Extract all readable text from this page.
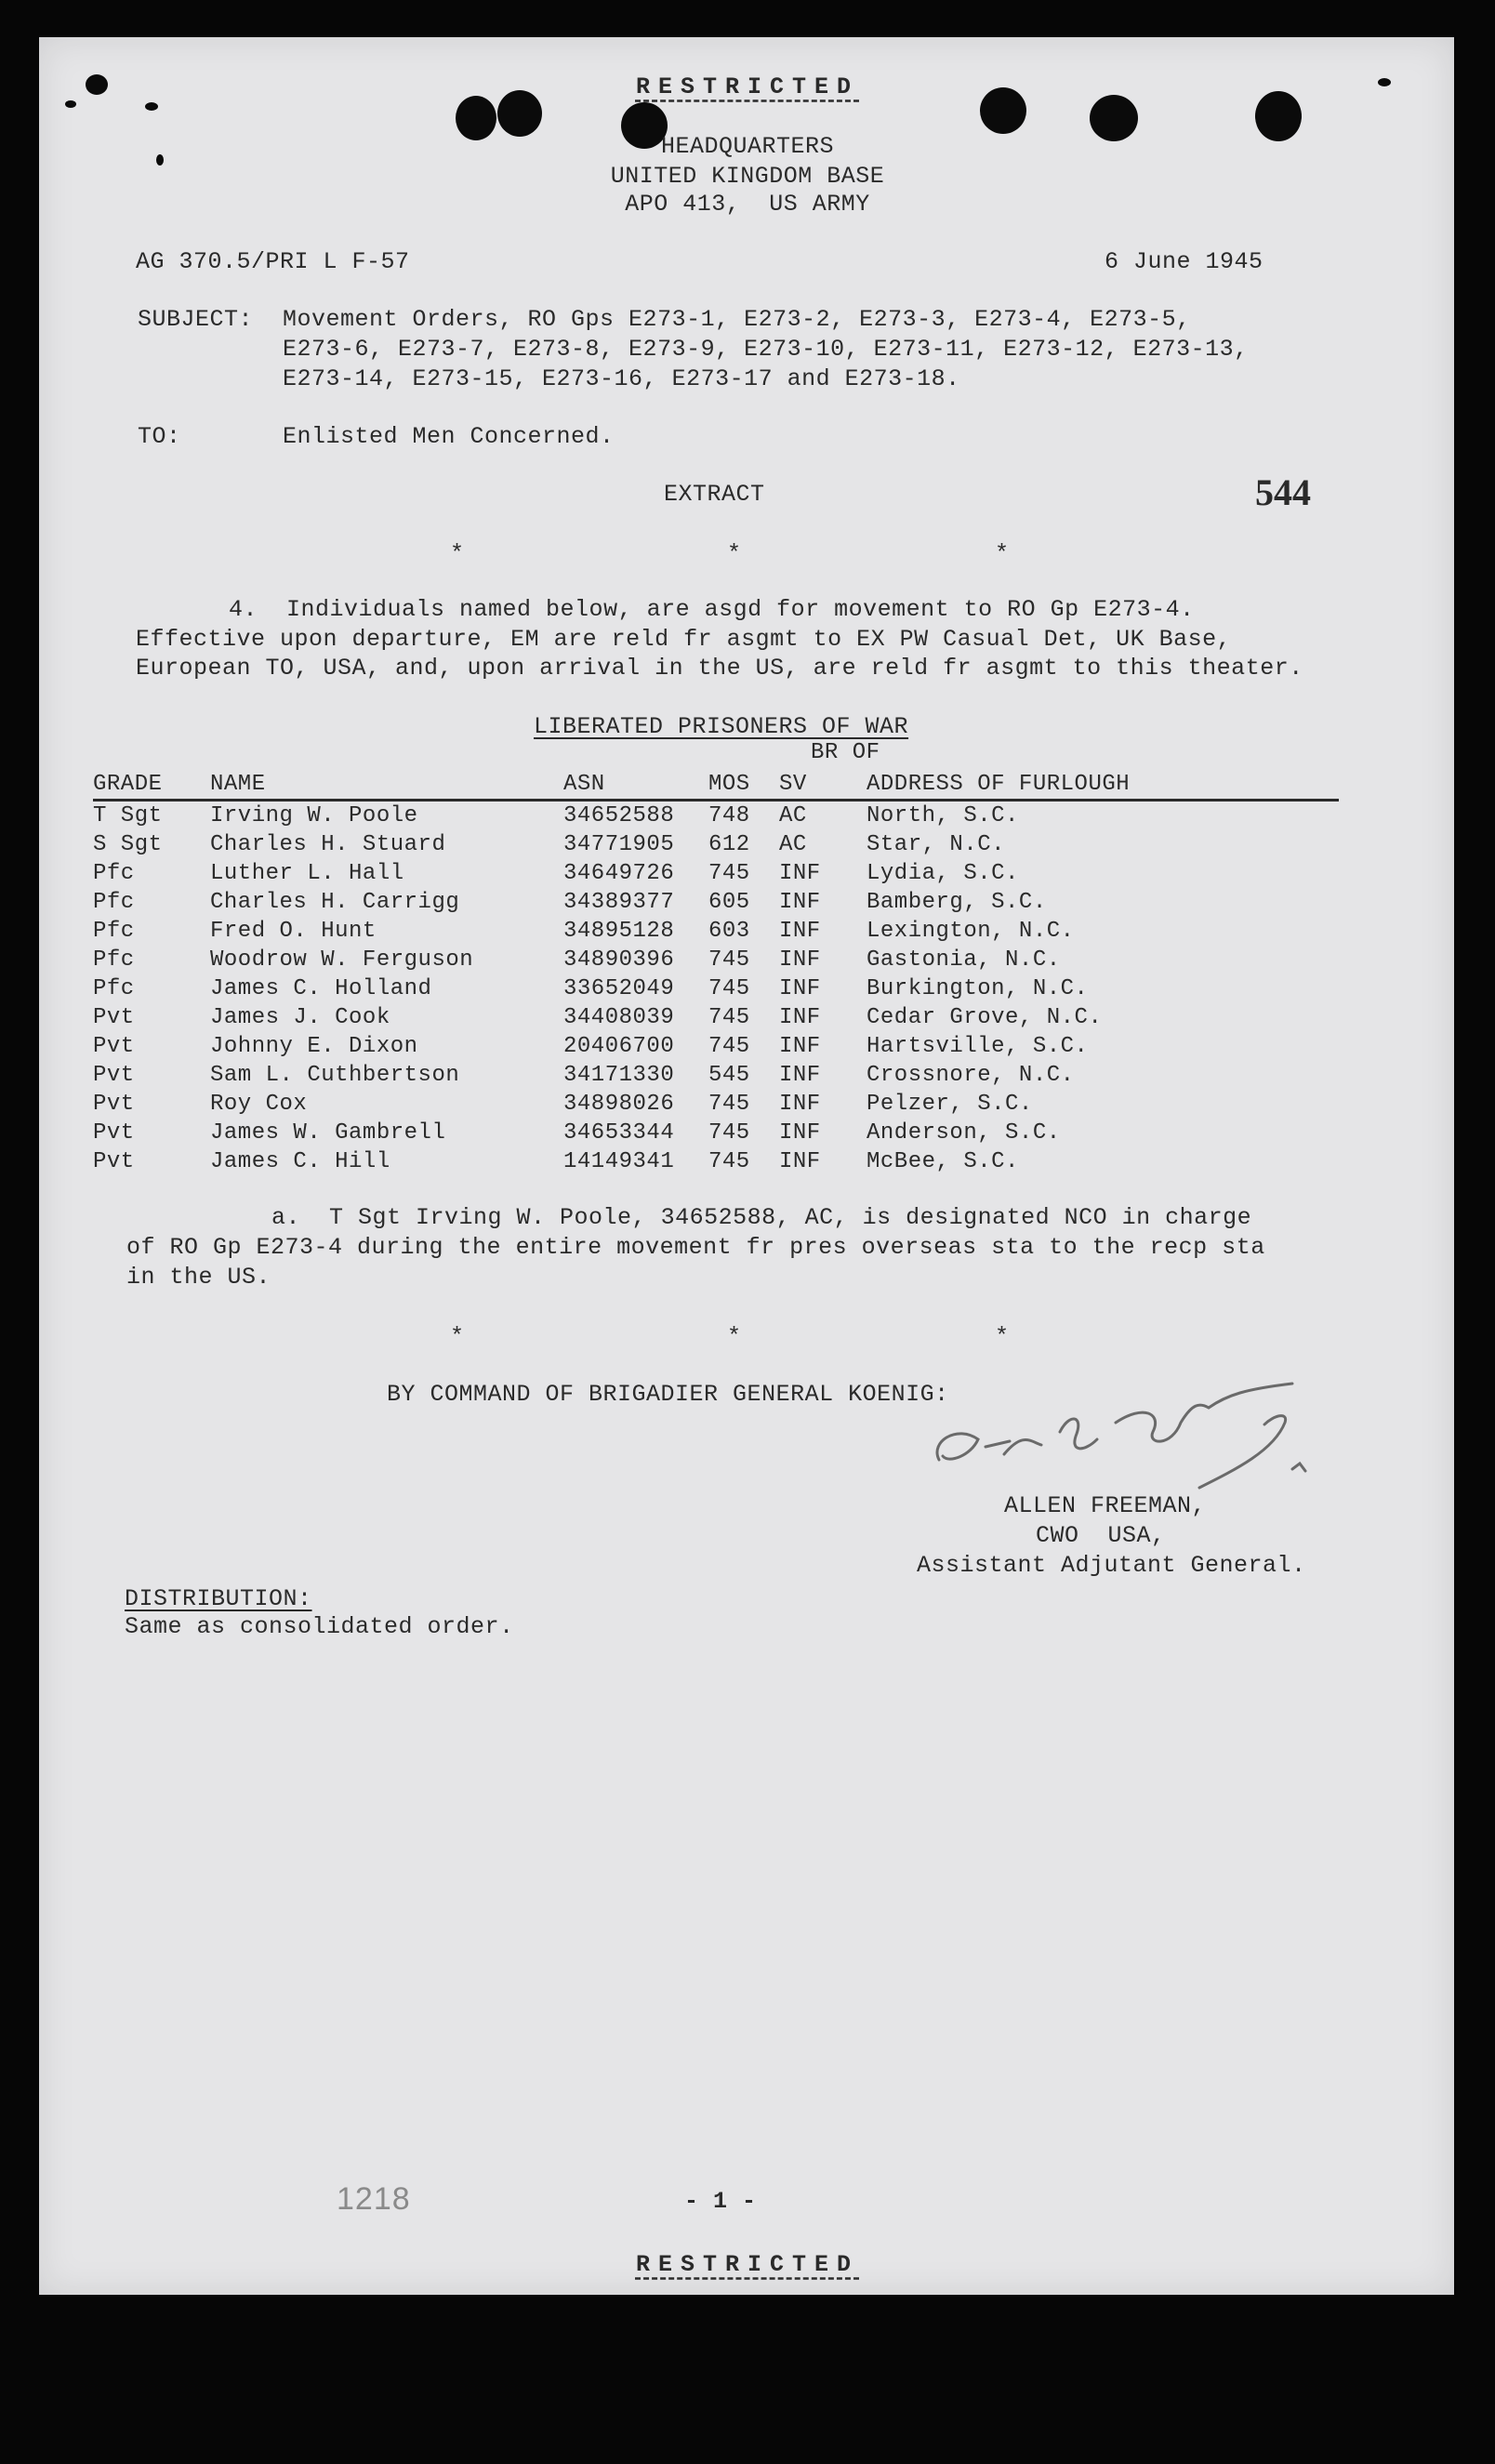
RESTRICTED
HEADQUARTERS
UNITED KINGDOM BASE
APO 413,  US ARMY
AG 370.5/PRI L F-57	6 June 1945
SUBJECT: Movement Orders, RO Gps E273-1, E273-2, E273-3, E273-4, E273-5,
E273-6, E273-7, E273-8, E273-9, E273-10, E273-11, E273-12, E273-13,
E273-14, E273-15, E273-16, E273-17 and E273-18.
TO:	Enlisted Men Concerned.
EXTRACT	544
*	*	*
4.  Individuals named below, are asgd for movement to RO Gp E273-4.
Effective upon departure, EM are reld fr asgmt to EX PW Casual Det, UK Base,
European TO, USA, and, upon arrival in the US, are reld fr asgmt to this theater.
LIBERATED PRISONERS OF WAR
BR OF
GRADE	NAME	ASN	MOS	SV	ADDRESS OF FURLOUGH
T Sgt	Irving W. Poole	34652588	748	AC	North, S.C.
S Sgt	Charles H. Stuard	34771905	612	AC	Star, N.C.
Pfc	Luther L. Hall	34649726	745	INF	Lydia, S.C.
Pfc	Charles H. Carrigg	34389377	605	INF	Bamberg, S.C.
Pfc	Fred O. Hunt	34895128	603	INF	Lexington, N.C.
Pfc	Woodrow W. Ferguson	34890396	745	INF	Gastonia, N.C.
Pfc	James C. Holland	33652049	745	INF	Burkington, N.C.
Pvt	James J. Cook	34408039	745	INF	Cedar Grove, N.C.
Pvt	Johnny E. Dixon	20406700	745	INF	Hartsville, S.C.
Pvt	Sam L. Cuthbertson	34171330	545	INF	Crossnore, N.C.
Pvt	Roy Cox	34898026	745	INF	Pelzer, S.C.
Pvt	James W. Gambrell	34653344	745	INF	Anderson, S.C.
Pvt	James C. Hill	14149341	745	INF	McBee, S.C.
a.  T Sgt Irving W. Poole, 34652588, AC, is designated NCO in charge
of RO Gp E273-4 during the entire movement fr pres overseas sta to the recp sta
in the US.
*	*	*
BY COMMAND OF BRIGADIER GENERAL KOENIG:
ALLEN FREEMAN,
CWO  USA,
Assistant Adjutant General.
DISTRIBUTION:
Same as consolidated order.
1218	- 1 -
RESTRICTED
